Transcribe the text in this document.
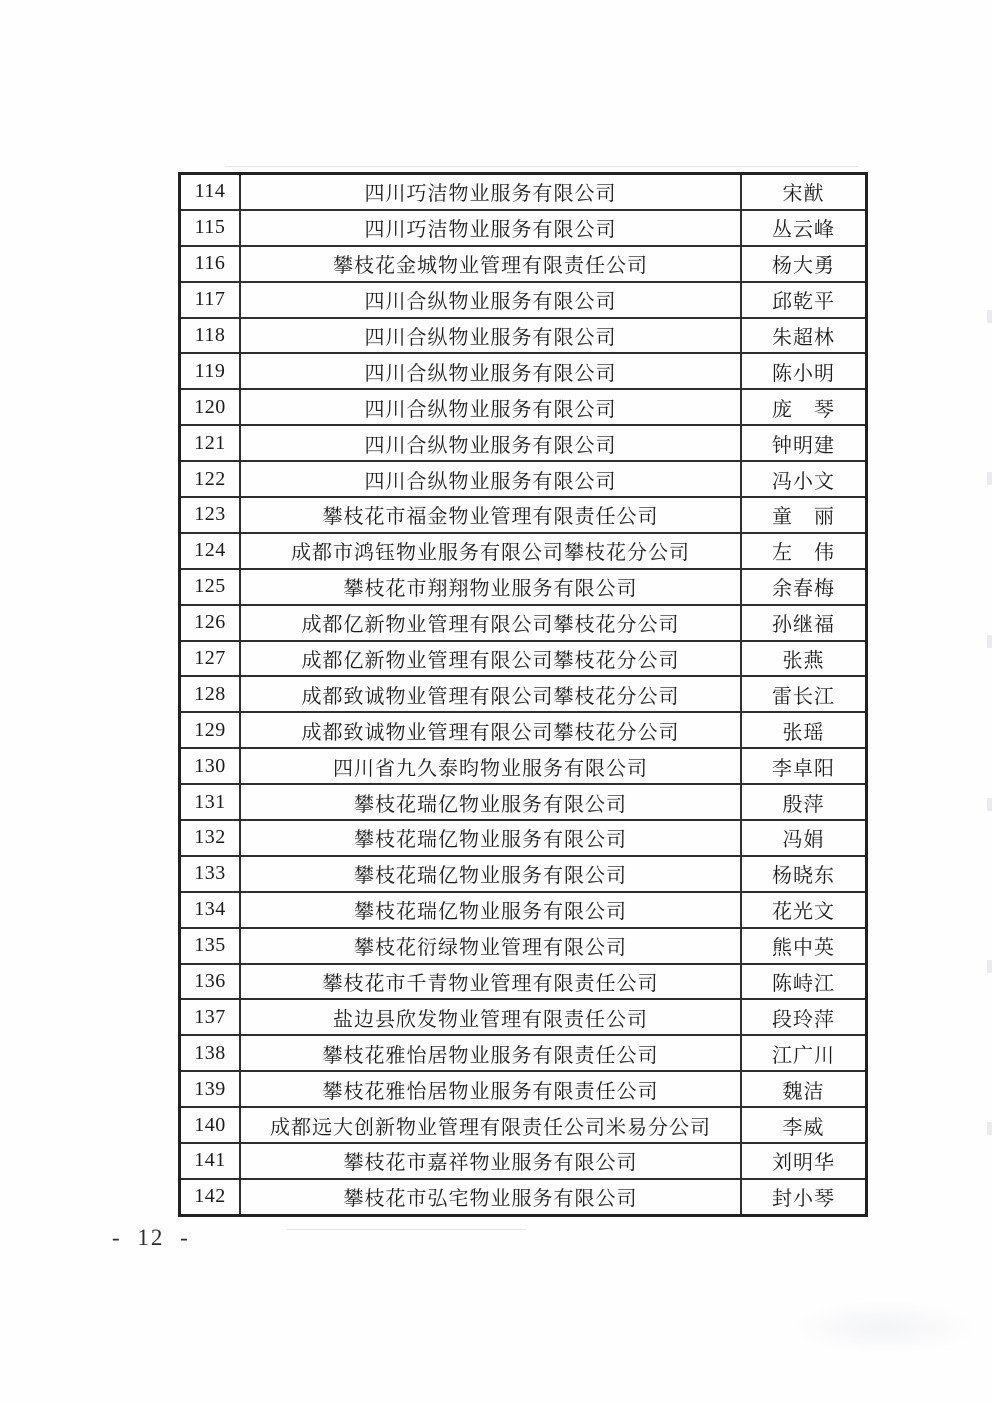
114	四川巧洁物业服务有限公司	宋猷
115	四川巧洁物业服务有限公司	丛云峰
116	攀枝花金城物业管理有限责任公司	杨大勇
117	四川合纵物业服务有限公司	邱乾平
118	四川合纵物业服务有限公司	朱超林
119	四川合纵物业服务有限公司	陈小明
120	四川合纵物业服务有限公司	庞　琴
121	四川合纵物业服务有限公司	钟明建
122	四川合纵物业服务有限公司	冯小文
123	攀枝花市福金物业管理有限责任公司	童　丽
124	成都市鸿钰物业服务有限公司攀枝花分公司	左　伟
125	攀枝花市翔翔物业服务有限公司	余春梅
126	成都亿新物业管理有限公司攀枝花分公司	孙继福
127	成都亿新物业管理有限公司攀枝花分公司	张燕
128	成都致诚物业管理有限公司攀枝花分公司	雷长江
129	成都致诚物业管理有限公司攀枝花分公司	张瑶
130	四川省九久泰昀物业服务有限公司	李卓阳
131	攀枝花瑞亿物业服务有限公司	殷萍
132	攀枝花瑞亿物业服务有限公司	冯娟
133	攀枝花瑞亿物业服务有限公司	杨晓东
134	攀枝花瑞亿物业服务有限公司	花光文
135	攀枝花衍绿物业管理有限公司	熊中英
136	攀枝花市千青物业管理有限责任公司	陈峙江
137	盐边县欣发物业管理有限责任公司	段玲萍
138	攀枝花雅怡居物业服务有限责任公司	江广川
139	攀枝花雅怡居物业服务有限责任公司	魏洁
140	成都远大创新物业管理有限责任公司米易分公司	李威
141	攀枝花市嘉祥物业服务有限公司	刘明华
142	攀枝花市弘宅物业服务有限公司	封小琴
- 12 -
